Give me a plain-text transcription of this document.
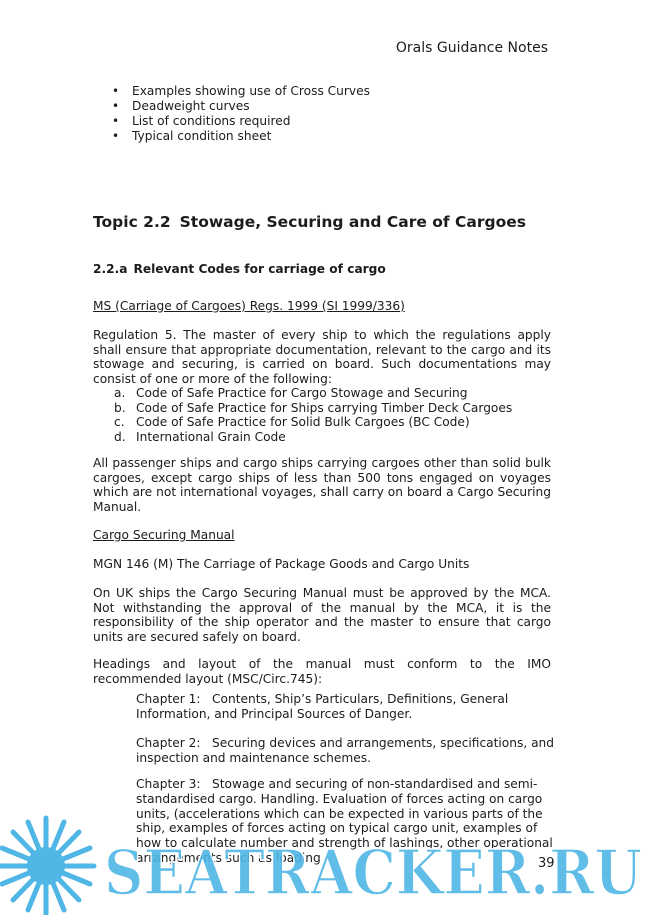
Orals Guidance Notes
• Examples showing use of Cross Curves
• Deadweight curves
• List of conditions required
• Typical condition sheet
Topic 2.2 Stowage, Securing and Care of Cargoes
2.2.a Relevant Codes for carriage of cargo
MS (Carriage of Cargoes) Regs. 1999 (SI 1999/336)
Regulation 5. The master of every ship to which the regulations apply shall ensure that appropriate documentation, relevant to the cargo and its stowage and securing, is carried on board. Such documentations may consist of one or more of the following:
a. Code of Safe Practice for Cargo Stowage and Securing
b. Code of Safe Practice for Ships carrying Timber Deck Cargoes
c. Code of Safe Practice for Solid Bulk Cargoes (BC Code)
d. International Grain Code
All passenger ships and cargo ships carrying cargoes other than solid bulk cargoes, except cargo ships of less than 500 tons engaged on voyages which are not international voyages, shall carry on board a Cargo Securing Manual.
Cargo Securing Manual
MGN 146 (M) The Carriage of Package Goods and Cargo Units
On UK ships the Cargo Securing Manual must be approved by the MCA. Not withstanding the approval of the manual by the MCA, it is the responsibility of the ship operator and the master to ensure that cargo units are secured safely on board.
Headings and layout of the manual must conform to the IMO recommended layout (MSC/Circ.745):
Chapter 1: Contents, Ship’s Particulars, Definitions, General Information, and Principal Sources of Danger.
Chapter 2: Securing devices and arrangements, specifications, and inspection and maintenance schemes.
Chapter 3: Stowage and securing of non-standardised and semi-standardised cargo. Handling. Evaluation of forces acting on cargo units, (accelerations which can be expected in various parts of the ship, examples of forces acting on typical cargo unit, examples of how to calculate number and strength of lashings, other operational arrangements such as loading
SEATRACKER.RU
39
